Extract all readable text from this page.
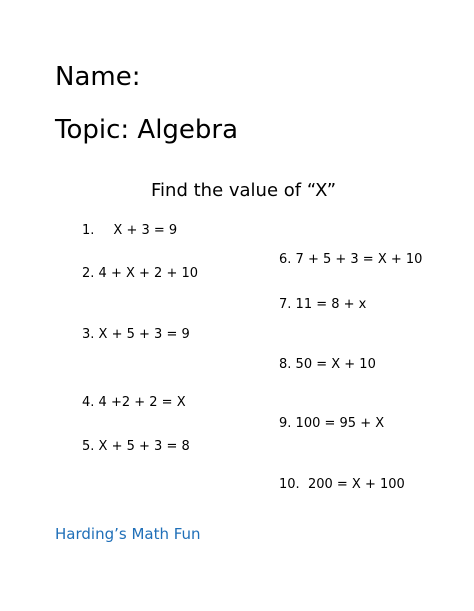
Name:
Topic: Algebra
Find the value of “X”
1. X + 3 = 9
2. 4 + X + 2 + 10
3. X + 5 + 3 = 9
4. 4 +2 + 2 = X
5. X + 5 + 3 = 8
6. 7 + 5 + 3 = X + 10
7. 11 = 8 + x
8. 50 = X + 10
9. 100 = 95 + X
10. 200 = X + 100
Harding’s Math Fun
